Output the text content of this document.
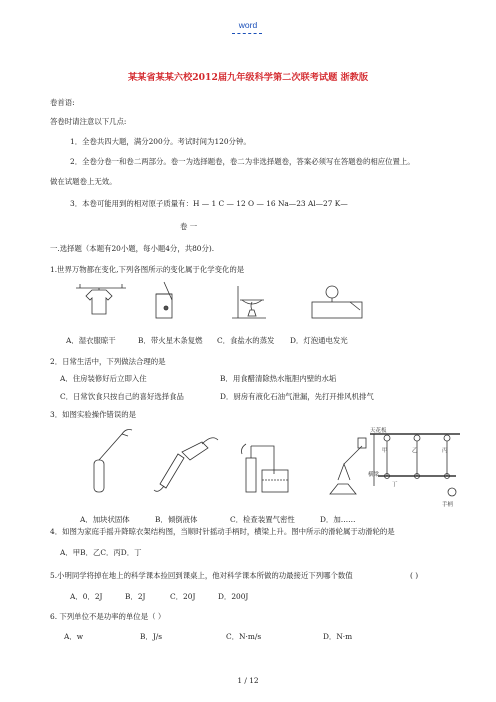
word
某某省某某六校2012届九年级科学第二次联考试题 浙教版
卷首语:
答卷时请注意以下几点:
1．全卷共四大题，满分200分。考试时间为120分钟。
2．全卷分卷一和卷二两部分。卷一为选择题卷，卷二为非选择题卷，答案必须写在答题卷的相应位置上。
做在试题卷上无效。
3．本卷可能用到的相对原子质量有：H — 1 C — 12 O — 16 Na—23 Al—27 K—
卷 一
一.选择题（本题有20小题，每小题4分，共80分).
1.世界万物都在变化,下列各图所示的变化属于化学变化的是
A．湿衣服晾干	B．带火星木条复燃 C．食盐水的蒸发 D．灯泡通电发光
2．日常生活中，下列做法合理的是
A．住房装修好后立即入住	B．用食醋清除热水瓶胆内壁的水垢
C．日常饮食只按自己的喜好选择食品	D．厨房有液化石油气泄漏，先打开排风机排气
3．如图实验操作错误的是
天花板
甲	乙	丙
丁
横梁
手柄
A．加块状固体	B．倾倒液体	C．检查装置气密性	D．加……
4．如图为家庭手摇升降晾衣架结构图，当顺时针摇动手柄时，横梁上升。图中所示的滑轮属于动滑轮的是
A．甲B．乙C．丙D．丁
5.小明同学将掉在地上的科学课本捡回到课桌上，他对科学课本所做的功最接近下列哪个数值	( )
A．0．2J	B．2J	C．20J	D．200J
6. 下列单位不是功率的单位是（ ）
A．w	B．J/s	C．N·m/s	D．N·m
1 / 12
